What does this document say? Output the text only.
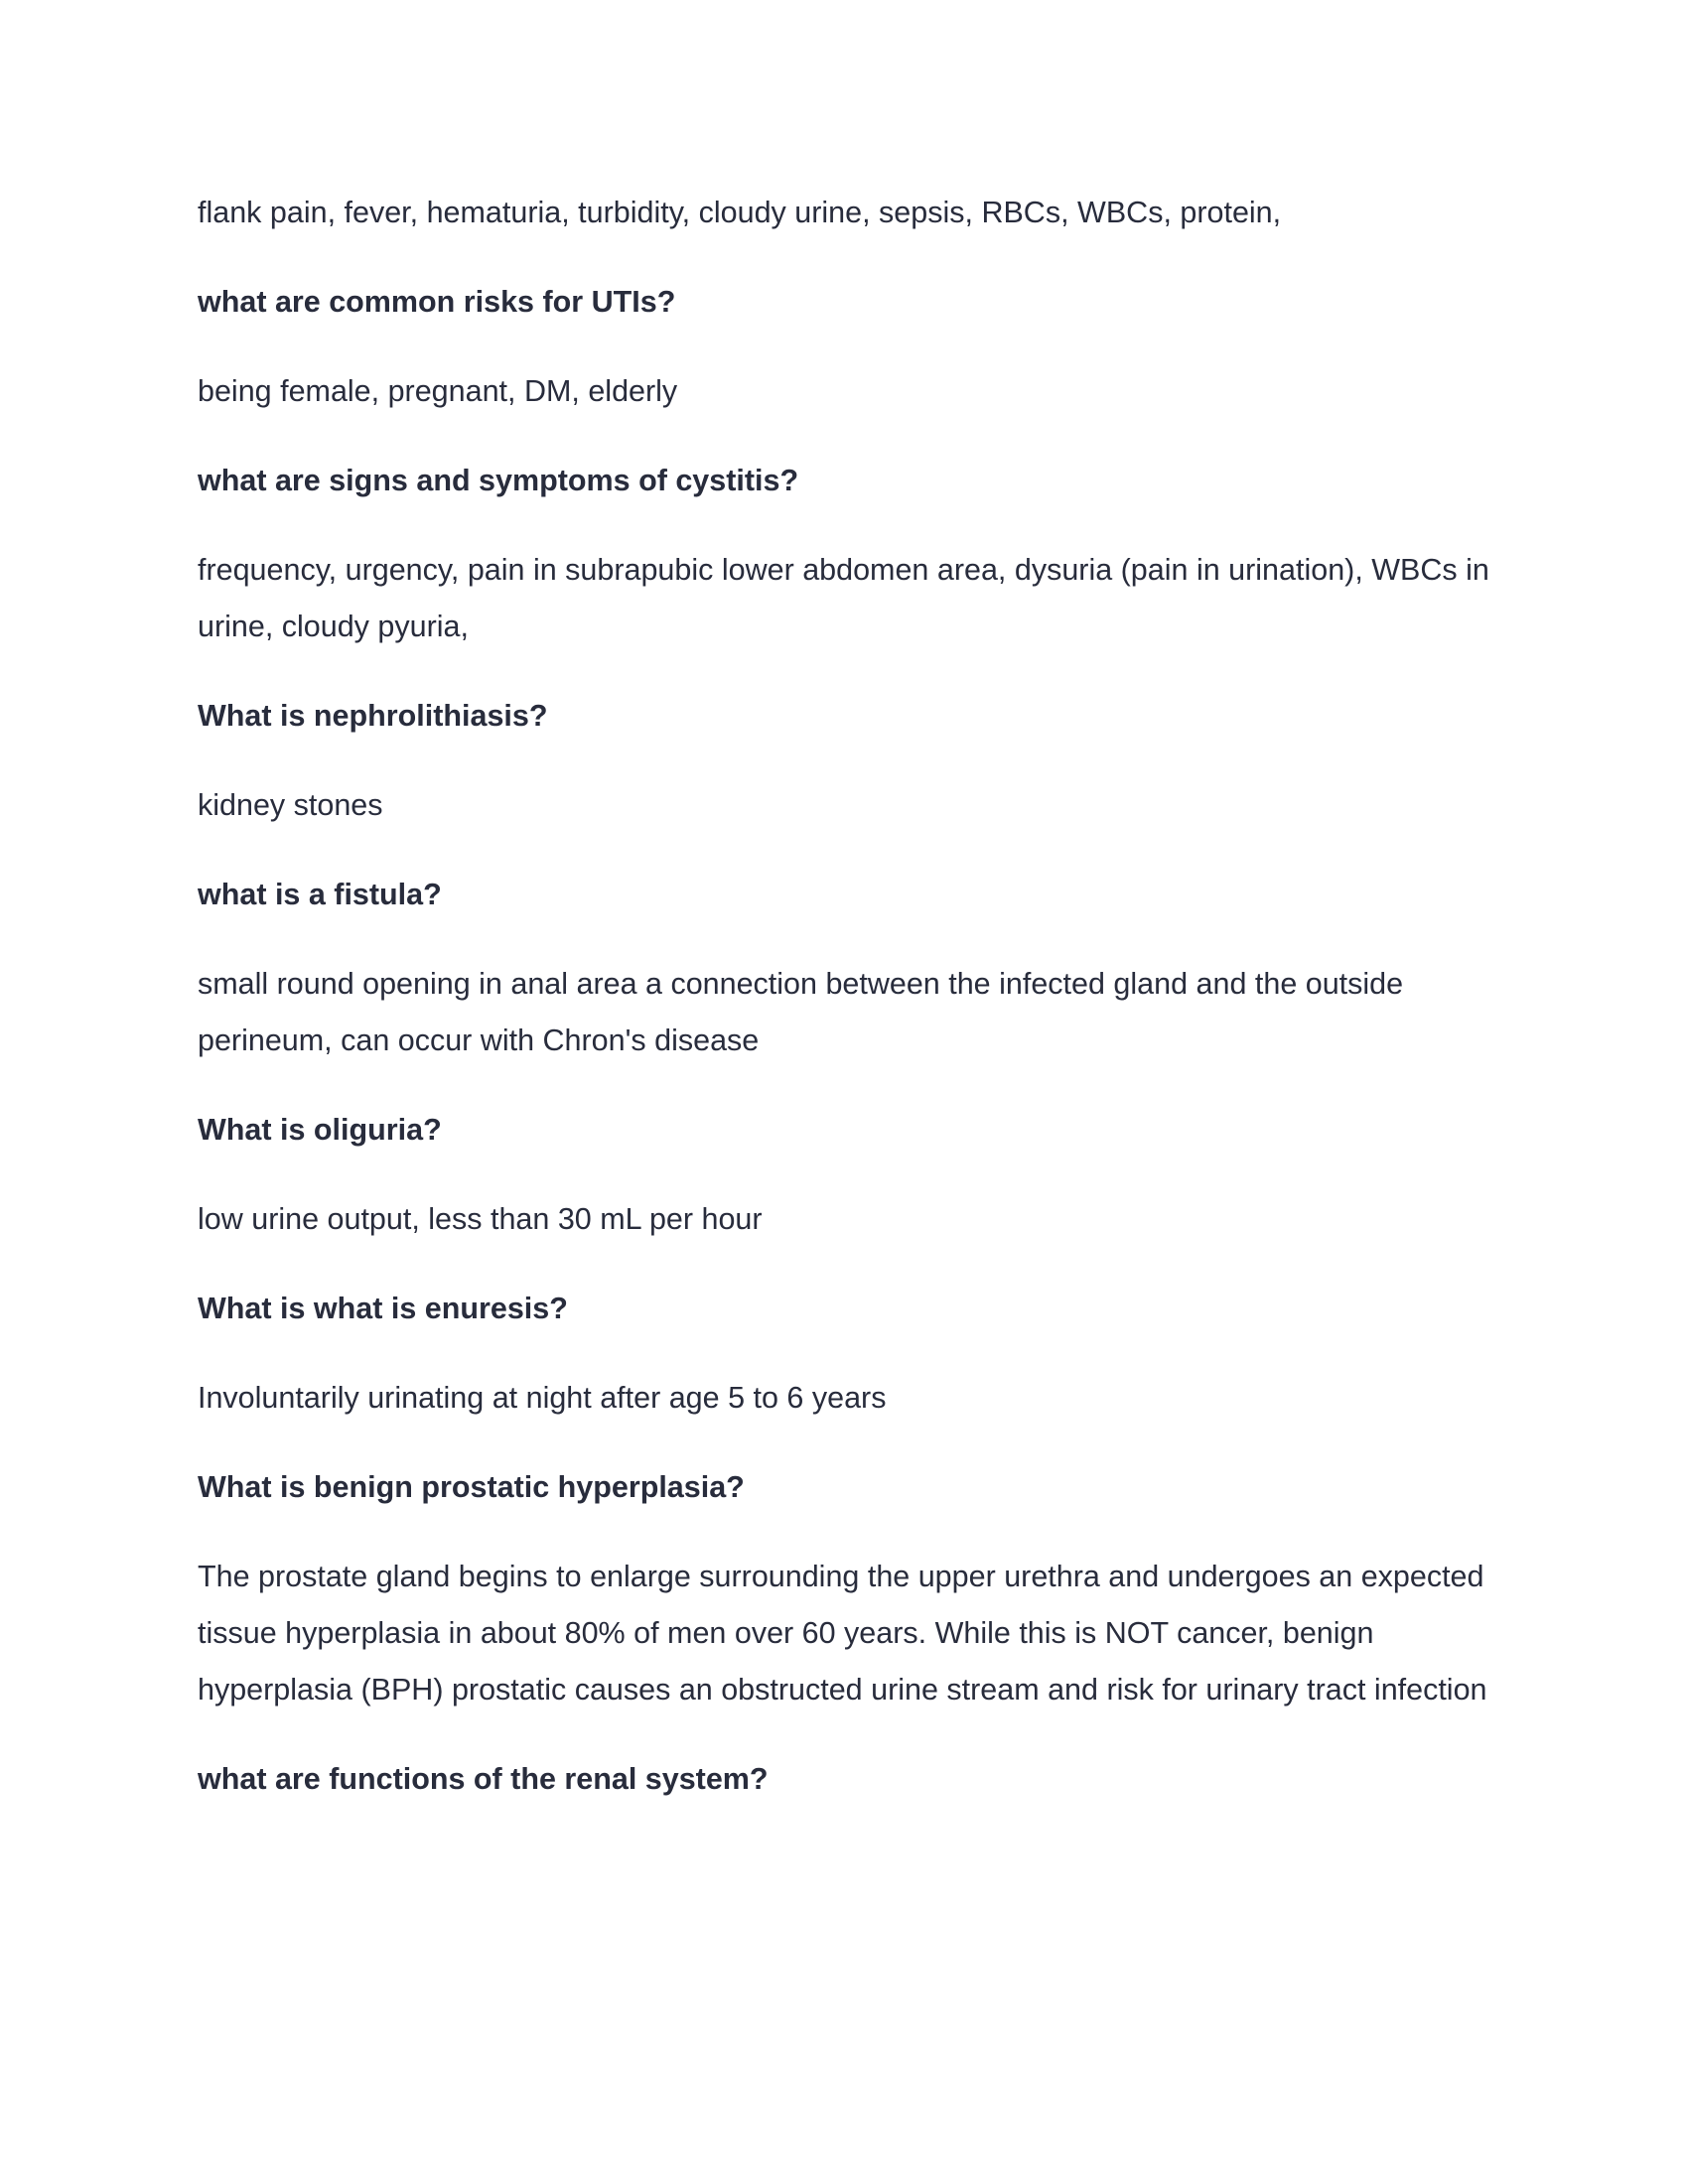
flank pain, fever, hematuria, turbidity, cloudy urine, sepsis, RBCs, WBCs, protein,

what are common risks for UTIs?

being female, pregnant, DM, elderly

what are signs and symptoms of cystitis?

frequency, urgency, pain in subrapubic lower abdomen area, dysuria (pain in urination), WBCs in urine, cloudy pyuria,

What is nephrolithiasis?

kidney stones

what is a fistula?

small round opening in anal area a connection between the infected gland and the outside perineum, can occur with Chron's disease

What is oliguria?

low urine output, less than 30 mL per hour

What is what is enuresis?

Involuntarily urinating at night after age 5 to 6 years

What is benign prostatic hyperplasia?

The prostate gland begins to enlarge surrounding the upper urethra and undergoes an expected tissue hyperplasia in about 80% of men over 60 years. While this is NOT cancer, benign hyperplasia (BPH) prostatic causes an obstructed urine stream and risk for urinary tract infection

what are functions of the renal system?
